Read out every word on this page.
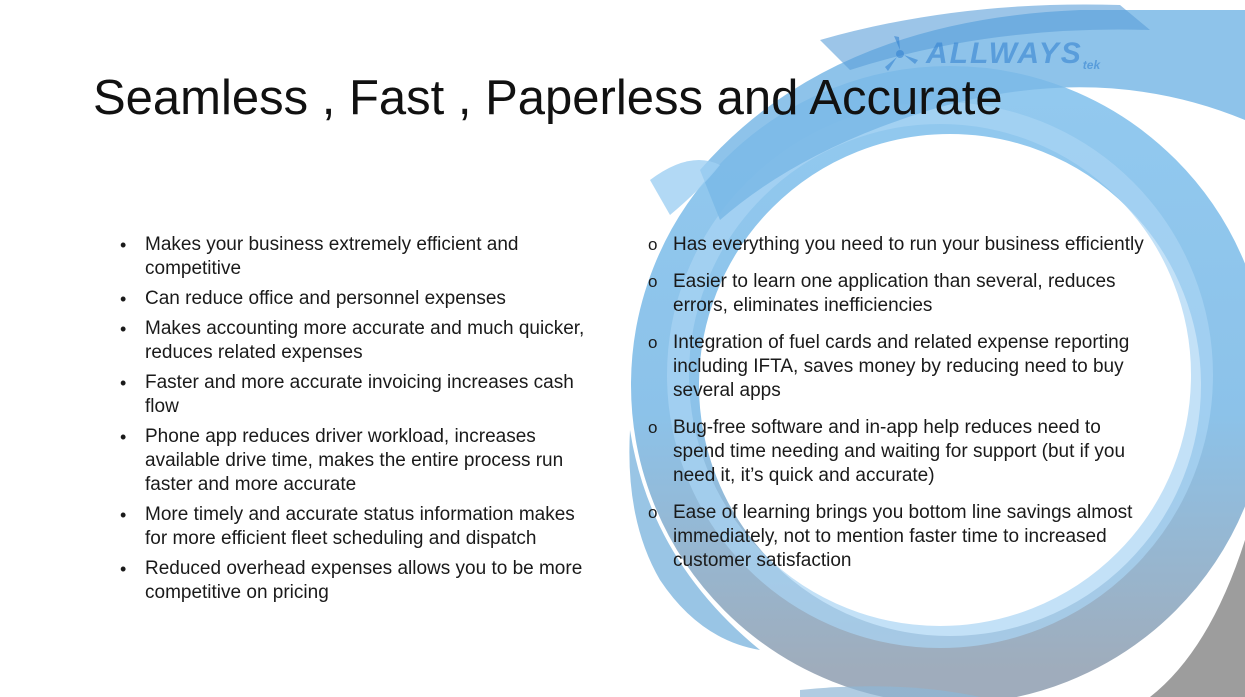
ALLWAYS tek
Seamless , Fast , Paperless and Accurate
•
Makes your business extremely efficient and competitive
•
Can reduce office and personnel expenses
•
Makes accounting more accurate and much quicker, reduces related expenses
•
Faster and more accurate invoicing increases cash flow
•
Phone app reduces driver workload, increases available drive time, makes the entire process run faster and more accurate
•
More timely and accurate status information makes for more efficient fleet scheduling and dispatch
•
Reduced overhead expenses allows you to be more competitive on pricing
o
Has everything you need to run your business efficiently
o
Easier to learn one application than several, reduces errors, eliminates inefficiencies
o
Integration of fuel cards and related expense reporting including IFTA, saves money by reducing need to buy several apps
o
Bug-free software and in-app help reduces need to spend time needing and waiting for support (but if you need it, it’s quick and accurate)
o
Ease of learning brings you bottom line savings almost immediately, not to mention faster time to increased customer satisfaction
